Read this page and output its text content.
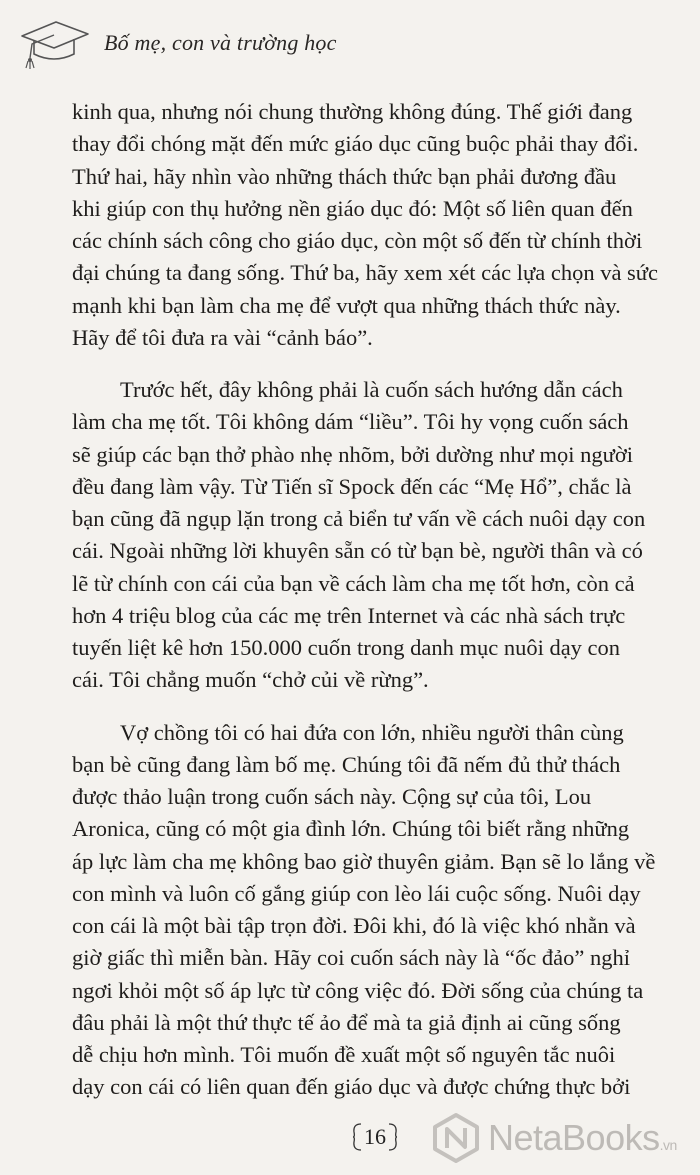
Bố mẹ, con và trường học
kinh qua, nhưng nói chung thường không đúng. Thế giới đang
thay đổi chóng mặt đến mức giáo dục cũng buộc phải thay đổi.
Thứ hai, hãy nhìn vào những thách thức bạn phải đương đầu
khi giúp con thụ hưởng nền giáo dục đó: Một số liên quan đến
các chính sách công cho giáo dục, còn một số đến từ chính thời
đại chúng ta đang sống. Thứ ba, hãy xem xét các lựa chọn và sức
mạnh khi bạn làm cha mẹ để vượt qua những thách thức này.
Hãy để tôi đưa ra vài “cảnh báo”.
Trước hết, đây không phải là cuốn sách hướng dẫn cách
làm cha mẹ tốt. Tôi không dám “liều”. Tôi hy vọng cuốn sách
sẽ giúp các bạn thở phào nhẹ nhõm, bởi dường như mọi người
đều đang làm vậy. Từ Tiến sĩ Spock đến các “Mẹ Hổ”, chắc là
bạn cũng đã ngụp lặn trong cả biển tư vấn về cách nuôi dạy con
cái. Ngoài những lời khuyên sẵn có từ bạn bè, người thân và có
lẽ từ chính con cái của bạn về cách làm cha mẹ tốt hơn, còn cả
hơn 4 triệu blog của các mẹ trên Internet và các nhà sách trực
tuyến liệt kê hơn 150.000 cuốn trong danh mục nuôi dạy con
cái. Tôi chẳng muốn “chở củi về rừng”.
Vợ chồng tôi có hai đứa con lớn, nhiều người thân cùng
bạn bè cũng đang làm bố mẹ. Chúng tôi đã nếm đủ thử thách
được thảo luận trong cuốn sách này. Cộng sự của tôi, Lou
Aronica, cũng có một gia đình lớn. Chúng tôi biết rằng những
áp lực làm cha mẹ không bao giờ thuyên giảm. Bạn sẽ lo lắng về
con mình và luôn cố gắng giúp con lèo lái cuộc sống. Nuôi dạy
con cái là một bài tập trọn đời. Đôi khi, đó là việc khó nhằn và
giờ giấc thì miễn bàn. Hãy coi cuốn sách này là “ốc đảo” nghỉ
ngơi khỏi một số áp lực từ công việc đó. Đời sống của chúng ta
đâu phải là một thứ thực tế ảo để mà ta giả định ai cũng sống
dễ chịu hơn mình. Tôi muốn đề xuất một số nguyên tắc nuôi
dạy con cái có liên quan đến giáo dục và được chứng thực bởi
16	NetaBooks.vn
